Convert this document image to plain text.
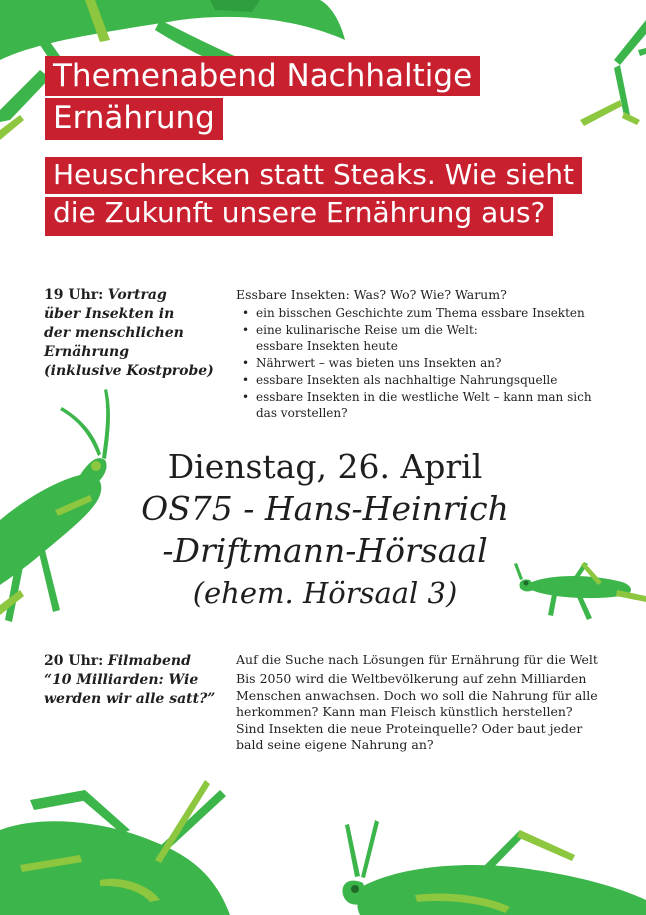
Themenabend Nachhaltige
Ernährung
Heuschrecken statt Steaks. Wie sieht
die Zukunft unsere Ernährung aus?
19 Uhr: Vortrag
über Insekten in
der menschlichen
Ernährung
(inklusive Kostprobe)
Essbare Insekten: Was? Wo? Wie? Warum?
• ein bisschen Geschichte zum Thema essbare Insekten
• eine kulinarische Reise um die Welt: essbare Insekten heute
• Nährwert – was bieten uns Insekten an?
• essbare Insekten als nachhaltige Nahrungsquelle
• essbare Insekten in die westliche Welt – kann man sich das vorstellen?
Dienstag, 26. April
OS75 - Hans-Heinrich
-Driftmann-Hörsaal
(ehem. Hörsaal 3)
20 Uhr: Filmabend
“10 Milliarden: Wie
werden wir alle satt?”
Auf die Suche nach Lösungen für Ernährung für die Welt
Bis 2050 wird die Weltbevölkerung auf zehn Milliarden Menschen anwachsen. Doch wo soll die Nahrung für alle herkommen? Kann man Fleisch künstlich herstellen? Sind Insekten die neue Proteinquelle? Oder baut jeder bald seine eigene Nahrung an?
